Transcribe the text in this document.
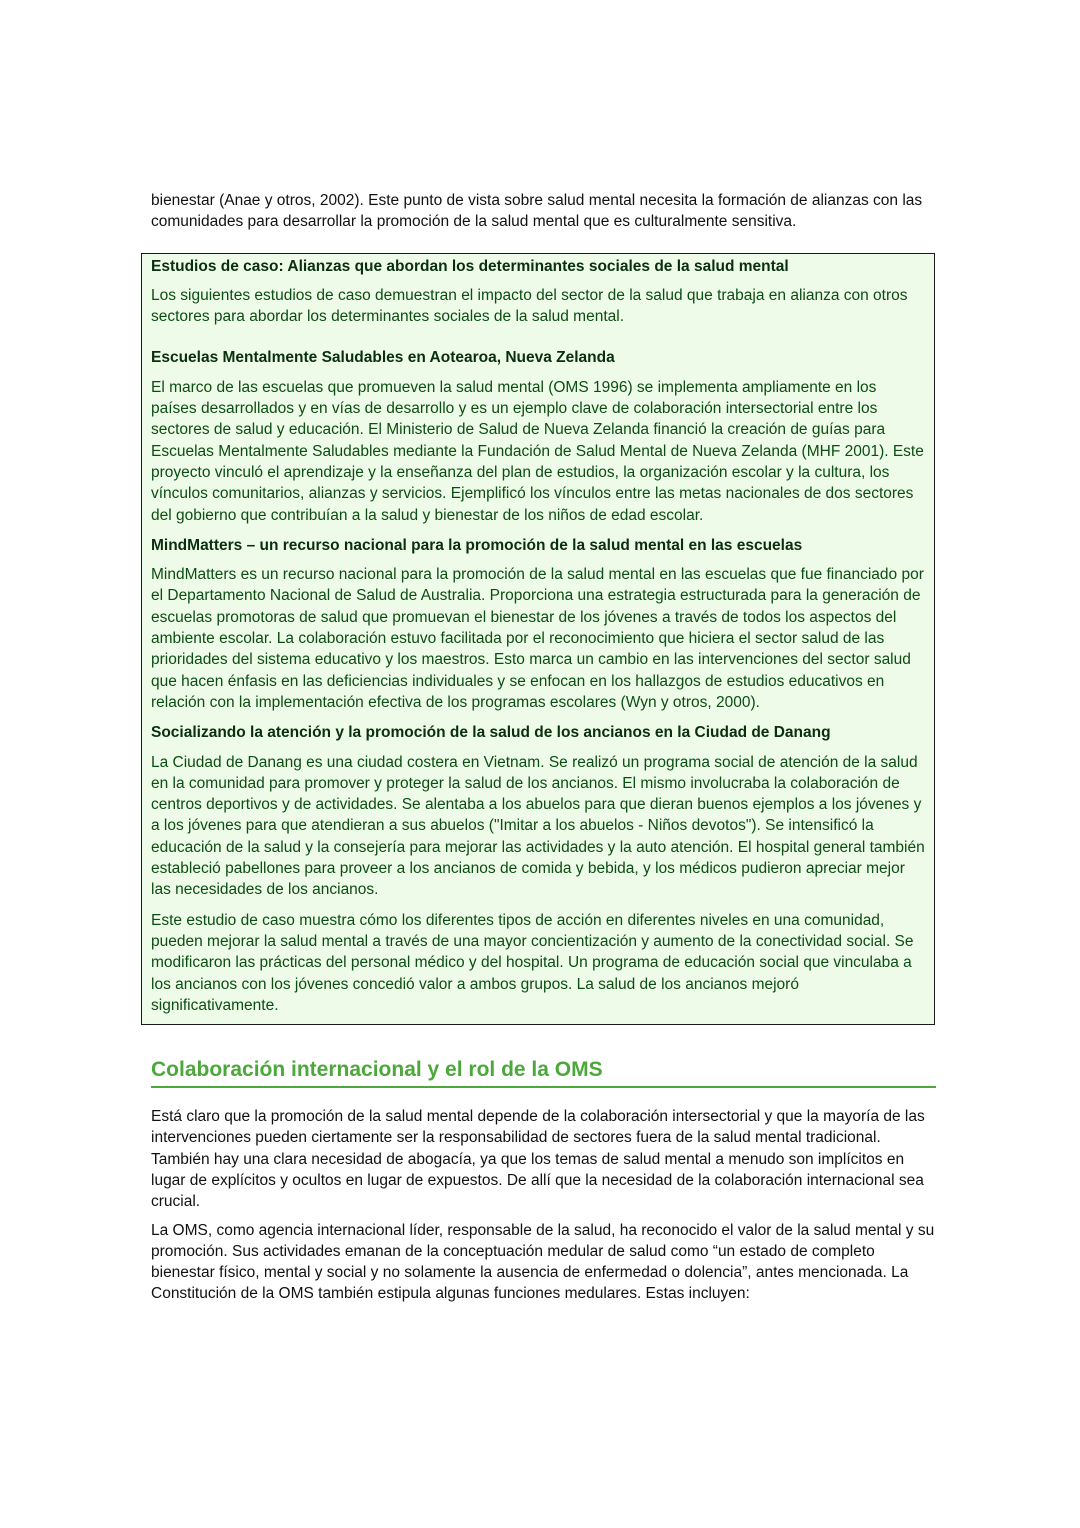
bienestar (Anae y otros, 2002). Este punto de vista sobre salud mental necesita la formación de alianzas con las comunidades para desarrollar la promoción de la salud mental que es culturalmente sensitiva.

Estudios de caso: Alianzas que abordan los determinantes sociales de la salud mental

Los siguientes estudios de caso demuestran el impacto del sector de la salud que trabaja en alianza con otros sectores para abordar los determinantes sociales de la salud mental.

Escuelas Mentalmente Saludables en Aotearoa, Nueva Zelanda

El marco de las escuelas que promueven la salud mental (OMS 1996) se implementa ampliamente en los países desarrollados y en vías de desarrollo y es un ejemplo clave de colaboración intersectorial entre los sectores de salud y educación. El Ministerio de Salud de Nueva Zelanda financió la creación de guías para Escuelas Mentalmente Saludables mediante la Fundación de Salud Mental de Nueva Zelanda (MHF 2001). Este proyecto vinculó el aprendizaje y la enseñanza del plan de estudios, la organización escolar y la cultura, los vínculos comunitarios, alianzas y servicios. Ejemplificó los vínculos entre las metas nacionales de dos sectores del gobierno que contribuían a la salud y bienestar de los niños de edad escolar.

MindMatters – un recurso nacional para la promoción de la salud mental en las escuelas

MindMatters es un recurso nacional para la promoción de la salud mental en las escuelas que fue financiado por el Departamento Nacional de Salud de Australia. Proporciona una estrategia estructurada para la generación de escuelas promotoras de salud que promuevan el bienestar de los jóvenes a través de todos los aspectos del ambiente escolar. La colaboración estuvo facilitada por el reconocimiento que hiciera el sector salud de las prioridades del sistema educativo y los maestros. Esto marca un cambio en las intervenciones del sector salud que hacen énfasis en las deficiencias individuales y se enfocan en los hallazgos de estudios educativos en relación con la implementación efectiva de los programas escolares (Wyn y otros, 2000).

Socializando la atención y la promoción de la salud de los ancianos en la Ciudad de Danang

La Ciudad de Danang es una ciudad costera en Vietnam. Se realizó un programa social de atención de la salud en la comunidad para promover y proteger la salud de los ancianos. El mismo involucraba la colaboración de centros deportivos y de actividades. Se alentaba a los abuelos para que dieran buenos ejemplos a los jóvenes y a los jóvenes para que atendieran a sus abuelos ("Imitar a los abuelos - Niños devotos"). Se intensificó la educación de la salud y la consejería para mejorar las actividades y la auto atención. El hospital general también estableció pabellones para proveer a los ancianos de comida y bebida, y los médicos pudieron apreciar mejor las necesidades de los ancianos.

Este estudio de caso muestra cómo los diferentes tipos de acción en diferentes niveles en una comunidad, pueden mejorar la salud mental a través de una mayor concientización y aumento de la conectividad social. Se modificaron las prácticas del personal médico y del hospital. Un programa de educación social que vinculaba a los ancianos con los jóvenes concedió valor a ambos grupos. La salud de los ancianos mejoró significativamente.

Colaboración internacional y el rol de la OMS

Está claro que la promoción de la salud mental depende de la colaboración intersectorial y que la mayoría de las intervenciones pueden ciertamente ser la responsabilidad de sectores fuera de la salud mental tradicional. También hay una clara necesidad de abogacía, ya que los temas de salud mental a menudo son implícitos en lugar de explícitos y ocultos en lugar de expuestos. De allí que la necesidad de la colaboración internacional sea crucial.

La OMS, como agencia internacional líder, responsable de la salud, ha reconocido el valor de la salud mental y su promoción. Sus actividades emanan de la conceptuación medular de salud como “un estado de completo bienestar físico, mental y social y no solamente la ausencia de enfermedad o dolencia”, antes mencionada. La Constitución de la OMS también estipula algunas funciones medulares. Estas incluyen:
